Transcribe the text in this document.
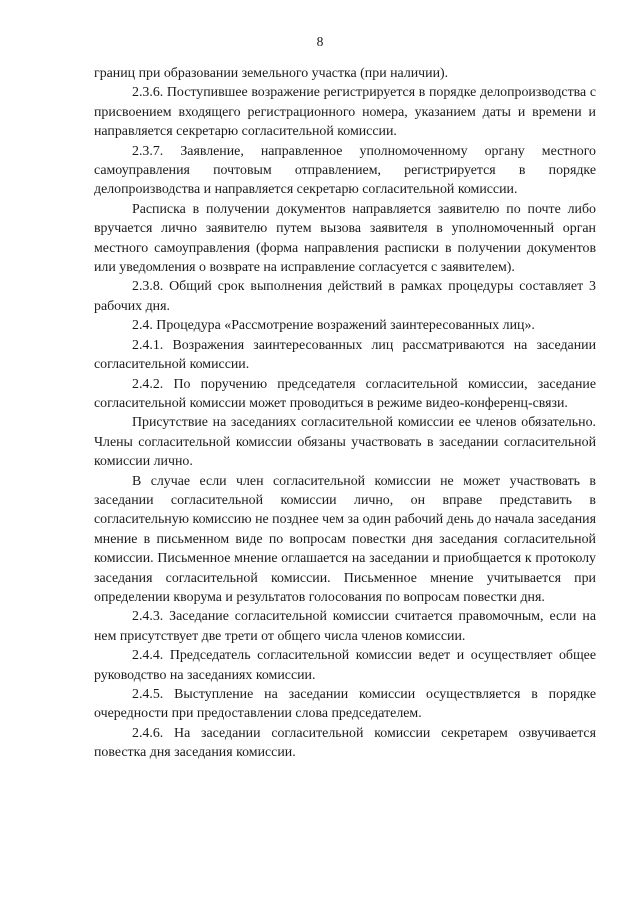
8

границ при образовании земельного участка (при наличии).

2.3.6. Поступившее возражение регистрируется в порядке делопроизводства с присвоением входящего регистрационного номера, указанием даты и времени и направляется секретарю согласительной комиссии.

2.3.7. Заявление, направленное уполномоченному органу местного самоуправления почтовым отправлением, регистрируется в порядке делопроизводства и направляется секретарю согласительной комиссии.

Расписка в получении документов направляется заявителю по почте либо вручается лично заявителю путем вызова заявителя в уполномоченный орган местного самоуправления (форма направления расписки в получении документов или уведомления о возврате на исправление согласуется с заявителем).

2.3.8. Общий срок выполнения действий в рамках процедуры составляет 3 рабочих дня.

2.4. Процедура «Рассмотрение возражений заинтересованных лиц».

2.4.1. Возражения заинтересованных лиц рассматриваются на заседании согласительной комиссии.

2.4.2. По поручению председателя согласительной комиссии, заседание согласительной комиссии может проводиться в режиме видео-конференц-связи.

Присутствие на заседаниях согласительной комиссии ее членов обязательно. Члены согласительной комиссии обязаны участвовать в заседании согласительной комиссии лично.

В случае если член согласительной комиссии не может участвовать в заседании согласительной комиссии лично, он вправе представить в согласительную комиссию не позднее чем за один рабочий день до начала заседания мнение в письменном виде по вопросам повестки дня заседания согласительной комиссии. Письменное мнение оглашается на заседании и приобщается к протоколу заседания согласительной комиссии. Письменное мнение учитывается при определении кворума и результатов голосования по вопросам повестки дня.

2.4.3. Заседание согласительной комиссии считается правомочным, если на нем присутствует две трети от общего числа членов комиссии.

2.4.4. Председатель согласительной комиссии ведет и осуществляет общее руководство на заседаниях комиссии.

2.4.5. Выступление на заседании комиссии осуществляется в порядке очередности при предоставлении слова председателем.

2.4.6. На заседании согласительной комиссии секретарем озвучивается повестка дня заседания комиссии.
